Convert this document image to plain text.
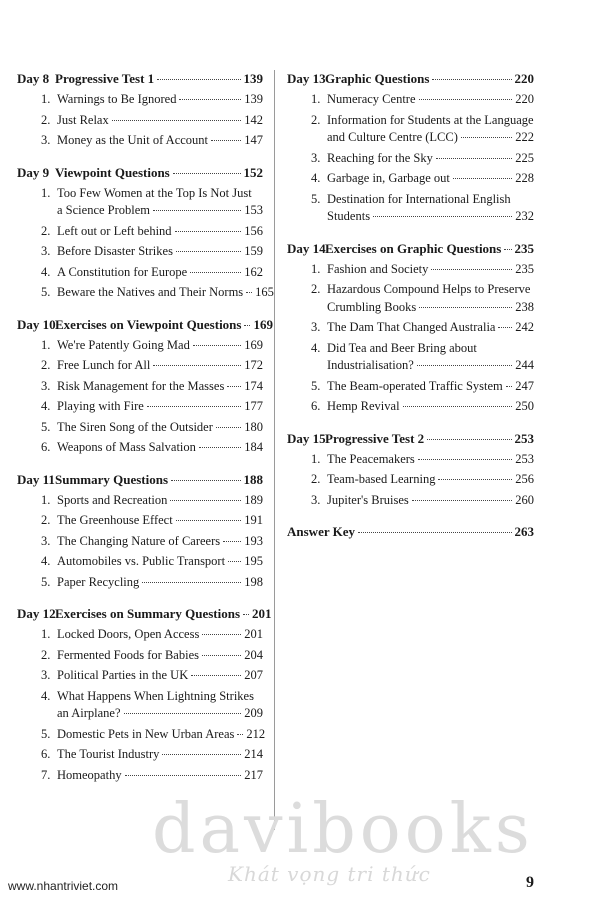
Day 8 Progressive Test 1	139
1. Warnings to Be Ignored	139
2. Just Relax	142
3. Money as the Unit of Account	147
Day 9 Viewpoint Questions	152
1. Too Few Women at the Top Is Not Just
a Science Problem	153
2. Left out or Left behind	156
3. Before Disaster Strikes	159
4. A Constitution for Europe	162
5. Beware the Natives and Their Norms 165
Day 10 Exercises on Viewpoint Questions 169
1. We're Patently Going Mad	169
2. Free Lunch for All	172
3. Risk Management for the Masses 174
4. Playing with Fire	177
5. The Siren Song of the Outsider	180
6. Weapons of Mass Salvation	184
Day 11 Summary Questions	188
1. Sports and Recreation	189
2. The Greenhouse Effect	191
3. The Changing Nature of Careers 193
4. Automobiles vs. Public Transport 195
5. Paper Recycling	198
Day 12 Exercises on Summary Questions 201
1. Locked Doors, Open Access	201
2. Fermented Foods for Babies	204
3. Political Parties in the UK	207
4. What Happens When Lightning Strikes
an Airplane?	209
5. Domestic Pets in New Urban Areas 212
6. The Tourist Industry	214
7. Homeopathy	217
Day 13 Graphic Questions	220
1. Numeracy Centre	220
2. Information for Students at the Language
and Culture Centre (LCC)	222
3. Reaching for the Sky	225
4. Garbage in, Garbage out	228
5. Destination for International English
Students	232
Day 14 Exercises on Graphic Questions 235
1. Fashion and Society	235
2. Hazardous Compound Helps to Preserve
Crumbling Books	238
3. The Dam That Changed Australia 242
4. Did Tea and Beer Bring about
Industrialisation?	244
5. The Beam-operated Traffic System 247
6. Hemp Revival	250
Day 15 Progressive Test 2	253
1. The Peacemakers	253
2. Team-based Learning	256
3. Jupiter's Bruises	260
Answer Key	263
davibooks
Khát vọng tri thức
www.nhantriviet.com	9
